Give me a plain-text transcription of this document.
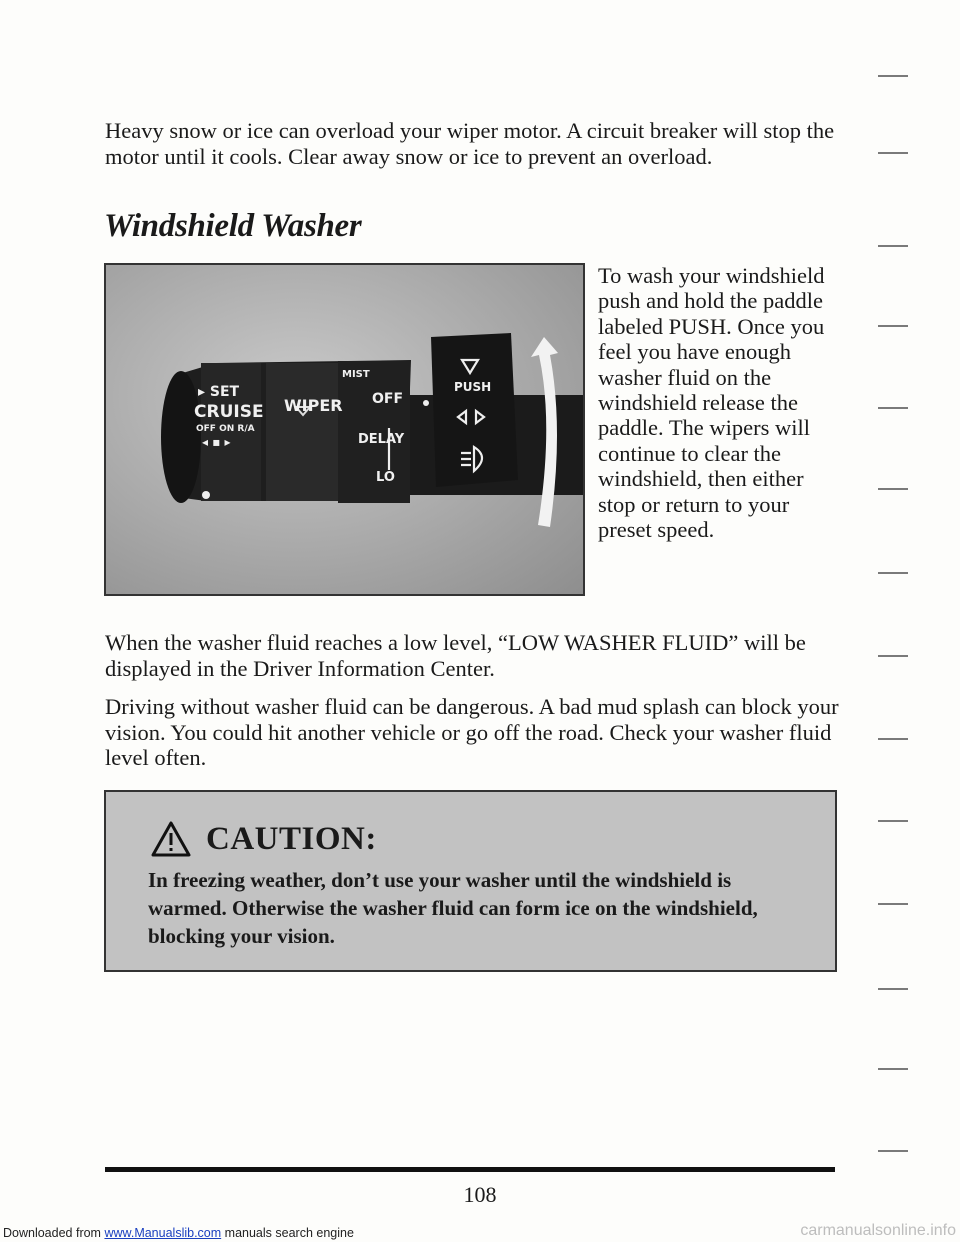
Heavy snow or ice can overload your wiper motor. A circuit breaker will stop the motor until it cools. Clear away snow or ice to prevent an overload.
Windshield Washer
▸ SET
CRUISE
OFF ON R/A
◂ ▪ ▸
WIPER
MIST
OFF
DELAY
LO
PUSH
To wash your windshield push and hold the paddle labeled PUSH. Once you feel you have enough washer fluid on the windshield release the paddle. The wipers will continue to clear the windshield, then either stop or return to your preset speed.
When the washer fluid reaches a low level, “LOW WASHER FLUID” will be displayed in the Driver Information Center.
Driving without washer fluid can be dangerous. A bad mud splash can block your vision. You could hit another vehicle or go off the road. Check your washer fluid level often.
CAUTION:
In freezing weather, don’t use your washer until the windshield is warmed. Otherwise the washer fluid can form ice on the windshield, blocking your vision.
108
Downloaded from www.Manualslib.com manuals search engine	carmanualsonline.info
